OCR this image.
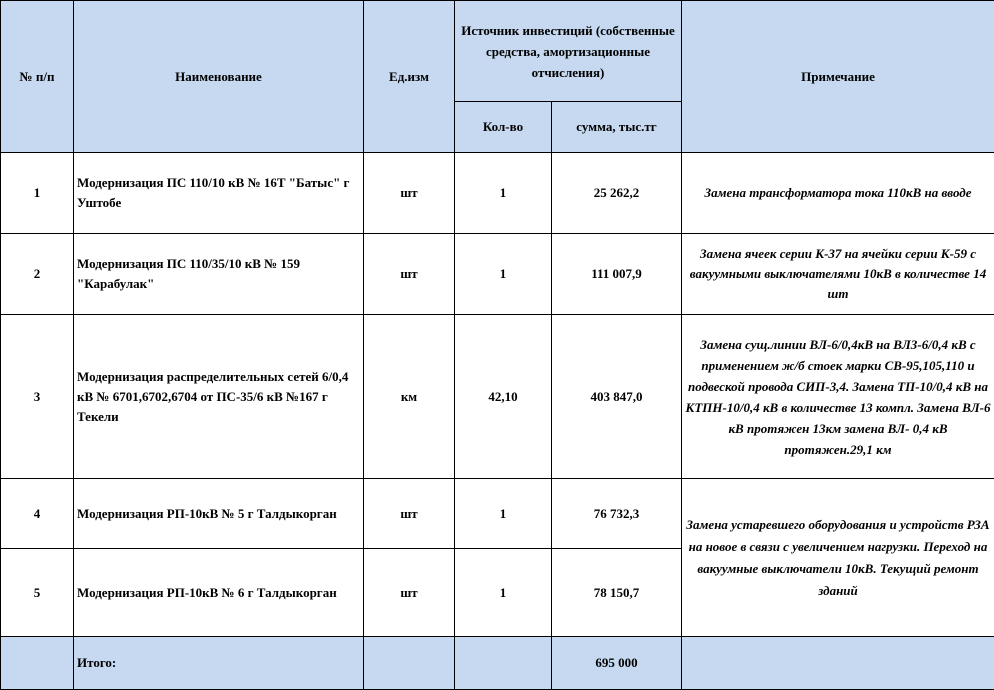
№ п/п	Наименование	Ед.изм	Источник инвестиций (собственные средства, амортизационные отчисления)		Примечание
			Кол-во	сумма, тыс.тг	
1	Модернизация ПС 110/10 кВ № 16Т "Батыс" г Уштобе	шт	1	25 262,2	Замена трансформатора тока 110кВ на вводе
2	Модернизация ПС 110/35/10 кВ № 159 "Карабулак"	шт	1	111 007,9	Замена ячеек серии К-37 на ячейки серии К-59 с вакуумными выключателями 10кВ в количестве 14 шт
3	Модернизация распределительных сетей 6/0,4 кВ № 6701,6702,6704 от ПС-35/6 кВ №167 г Текели	км	42,10	403 847,0	Замена сущ.линии ВЛ-6/0,4кВ на ВЛЗ-6/0,4 кВ с применением ж/б стоек марки СВ-95,105,110 и подвеской провода СИП-3,4. Замена ТП-10/0,4 кВ на КТПН-10/0,4 кВ в количестве 13 компл. Замена ВЛ-6 кВ протяжен 13км замена ВЛ- 0,4 кВ протяжен.29,1 км
4	Модернизация РП-10кВ № 5 г Талдыкорган	шт	1	76 732,3	Замена устаревшего оборудования и устройств РЗА на новое в связи с увеличением нагрузки. Переход на вакуумные выключатели 10кВ. Текущий ремонт зданий
5	Модернизация РП-10кВ № 6 г Талдыкорган	шт	1	78 150,7	
	Итого:			695 000	
